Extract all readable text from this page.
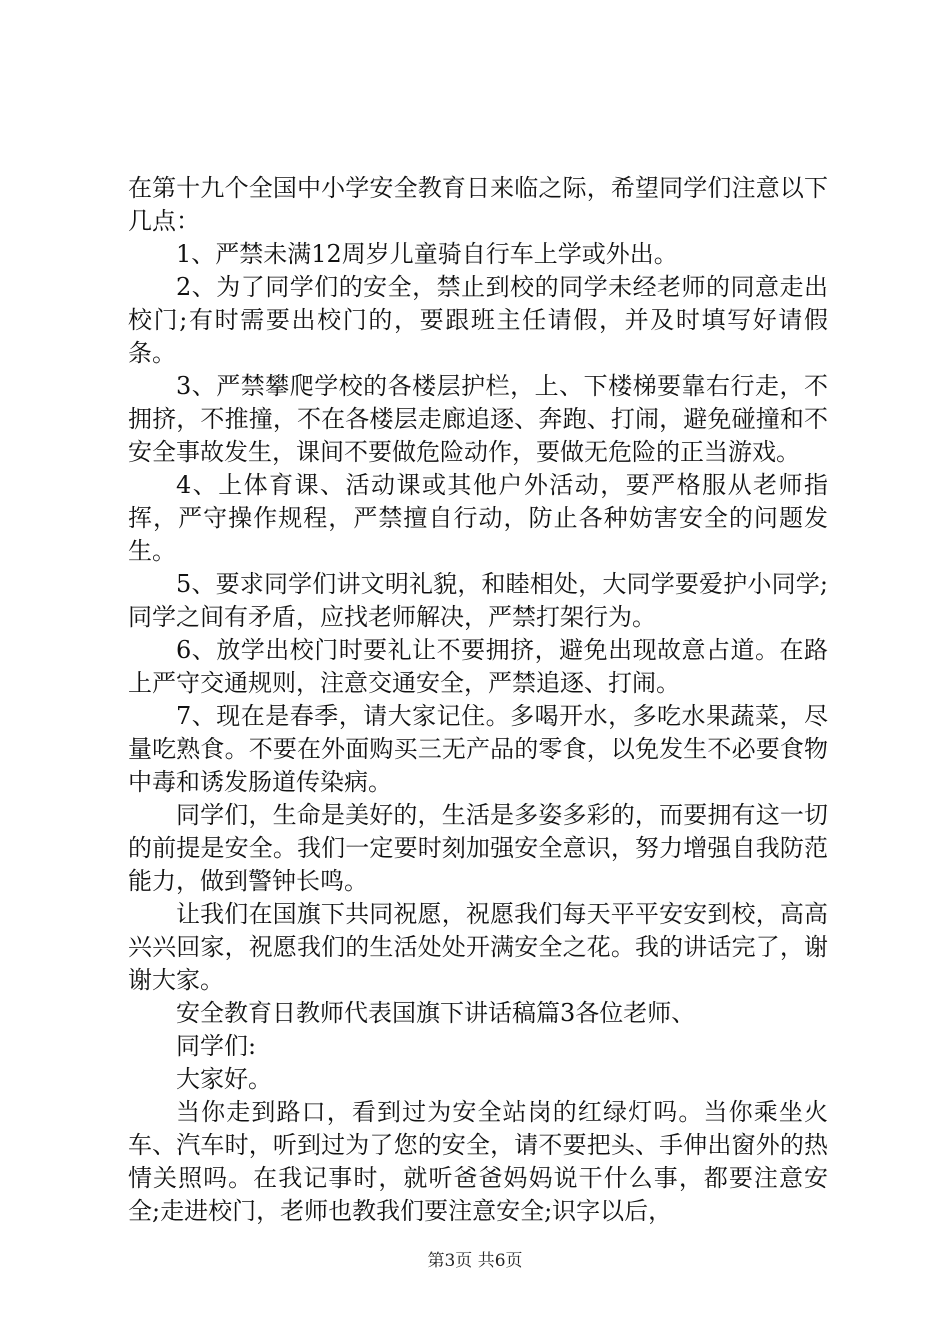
在第十九个全国中小学安全教育日来临之际，希望同学们注意以下几点：

1、严禁未满12周岁儿童骑自行车上学或外出。

2、为了同学们的安全，禁止到校的同学未经老师的同意走出校门;有时需要出校门的，要跟班主任请假，并及时填写好请假条。

3、严禁攀爬学校的各楼层护栏，上、下楼梯要靠右行走，不拥挤，不推撞，不在各楼层走廊追逐、奔跑、打闹，避免碰撞和不安全事故发生，课间不要做危险动作，要做无危险的正当游戏。

4、上体育课、活动课或其他户外活动，要严格服从老师指挥，严守操作规程，严禁擅自行动，防止各种妨害安全的问题发生。

5、要求同学们讲文明礼貌，和睦相处，大同学要爱护小同学;同学之间有矛盾，应找老师解决，严禁打架行为。

6、放学出校门时要礼让不要拥挤，避免出现故意占道。在路上严守交通规则，注意交通安全，严禁追逐、打闹。

7、现在是春季，请大家记住。多喝开水，多吃水果蔬菜，尽量吃熟食。不要在外面购买三无产品的零食，以免发生不必要食物中毒和诱发肠道传染病。

同学们，生命是美好的，生活是多姿多彩的，而要拥有这一切的前提是安全。我们一定要时刻加强安全意识，努力增强自我防范能力，做到警钟长鸣。

让我们在国旗下共同祝愿，祝愿我们每天平平安安到校，高高兴兴回家，祝愿我们的生活处处开满安全之花。我的讲话完了，谢谢大家。

安全教育日教师代表国旗下讲话稿篇3各位老师、

同学们:

大家好。

当你走到路口，看到过为安全站岗的红绿灯吗。当你乘坐火车、汽车时，听到过为了您的安全，请不要把头、手伸出窗外的热情关照吗。在我记事时，就听爸爸妈妈说干什么事，都要注意安全;走进校门，老师也教我们要注意安全;识字以后，

第3页 共6页
